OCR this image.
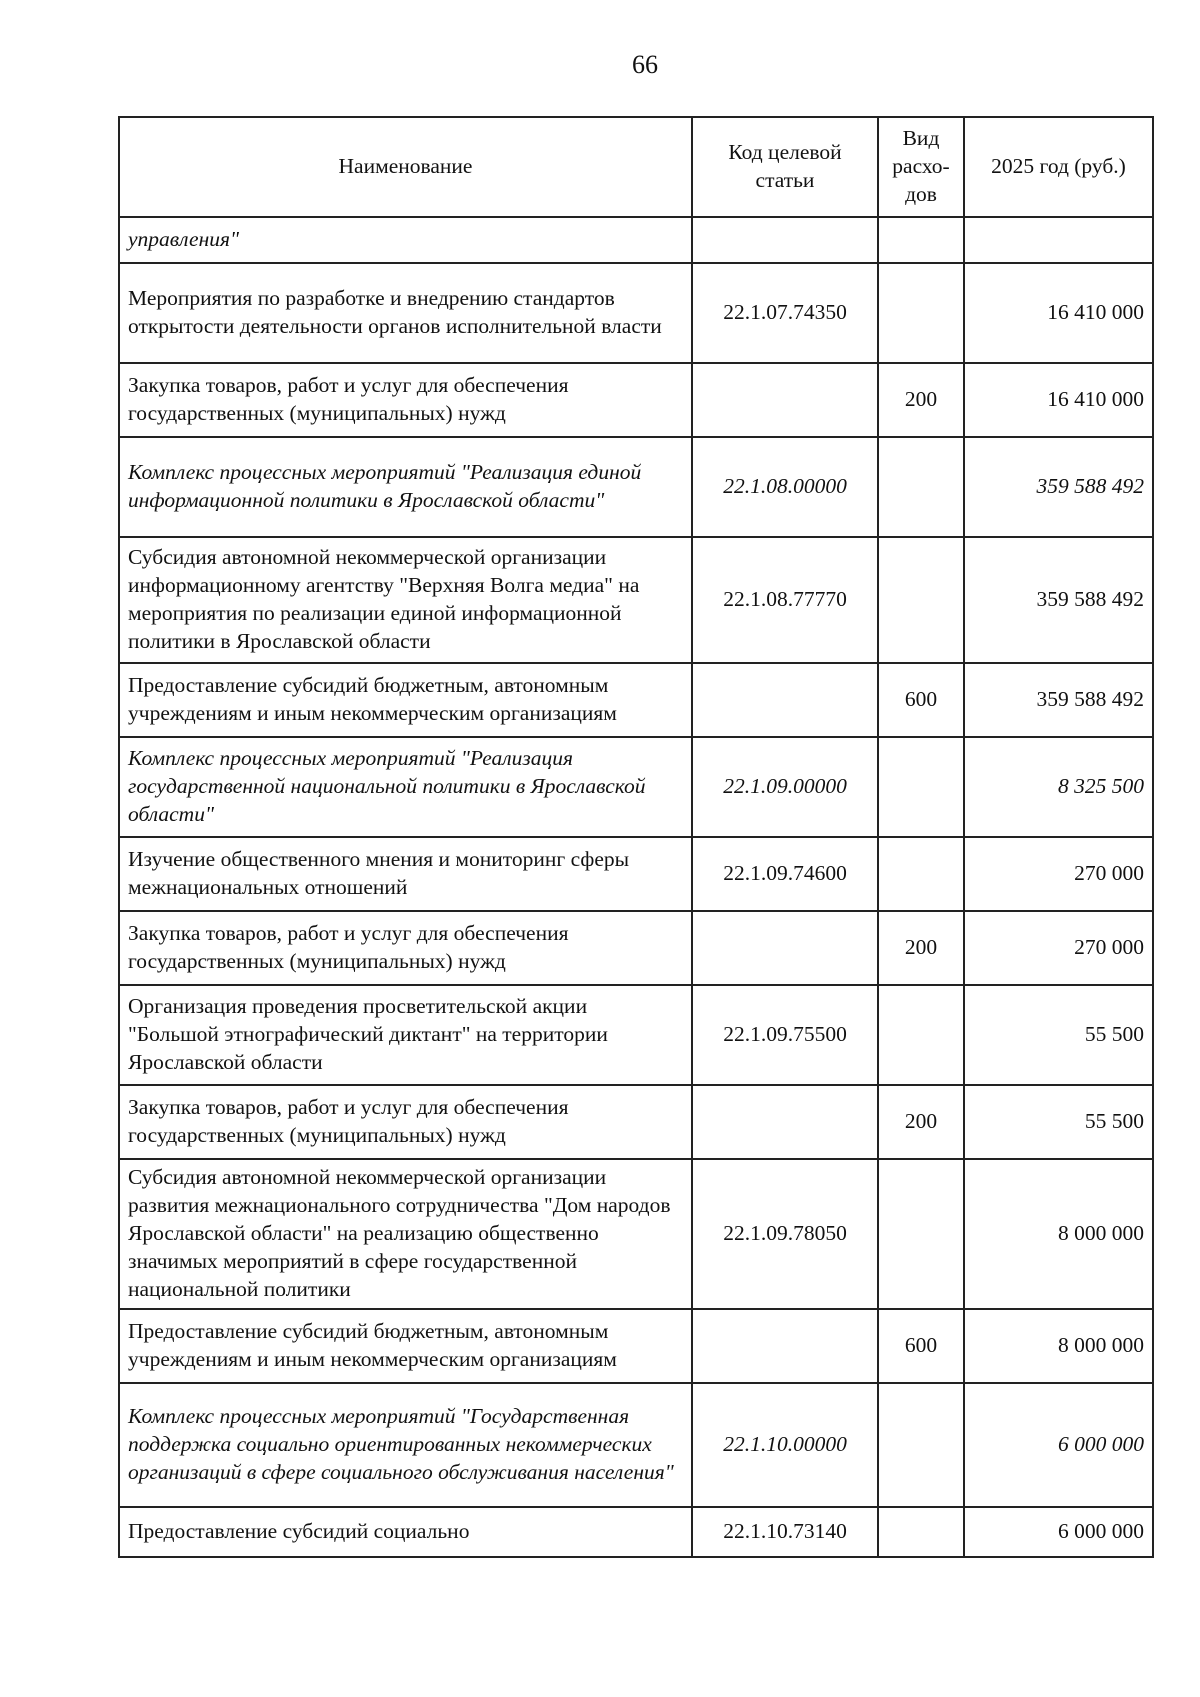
66
Наименование	Код целевой статьи	Вид расхо-дов	2025 год (руб.)
управления"			
Мероприятия по разработке и внедрению стандартов открытости деятельности органов исполнительной власти	22.1.07.74350		16 410 000
Закупка товаров, работ и услуг для обеспечения государственных (муниципальных) нужд		200	16 410 000
Комплекс процессных мероприятий "Реализация единой информационной политики в Ярославской области"	22.1.08.00000		359 588 492
Субсидия автономной некоммерческой организации информационному агентству "Верхняя Волга медиа" на мероприятия по реализации единой информационной политики в Ярославской области	22.1.08.77770		359 588 492
Предоставление субсидий бюджетным, автономным учреждениям и иным некоммерческим организациям		600	359 588 492
Комплекс процессных мероприятий "Реализация государственной национальной политики в Ярославской области"	22.1.09.00000		8 325 500
Изучение общественного мнения и мониторинг сферы межнациональных отношений	22.1.09.74600		270 000
Закупка товаров, работ и услуг для обеспечения государственных (муниципальных) нужд		200	270 000
Организация проведения просветительской акции "Большой этнографический диктант" на территории Ярославской области	22.1.09.75500		55 500
Закупка товаров, работ и услуг для обеспечения государственных (муниципальных) нужд		200	55 500
Субсидия автономной некоммерческой организации развития межнационального сотрудничества "Дом народов Ярославской области" на реализацию общественно значимых мероприятий в сфере государственной национальной политики	22.1.09.78050		8 000 000
Предоставление субсидий бюджетным, автономным учреждениям и иным некоммерческим организациям		600	8 000 000
Комплекс процессных мероприятий "Государственная поддержка социально ориентированных некоммерческих организаций в сфере социального обслуживания населения"	22.1.10.00000		6 000 000
Предоставление субсидий социально	22.1.10.73140		6 000 000
